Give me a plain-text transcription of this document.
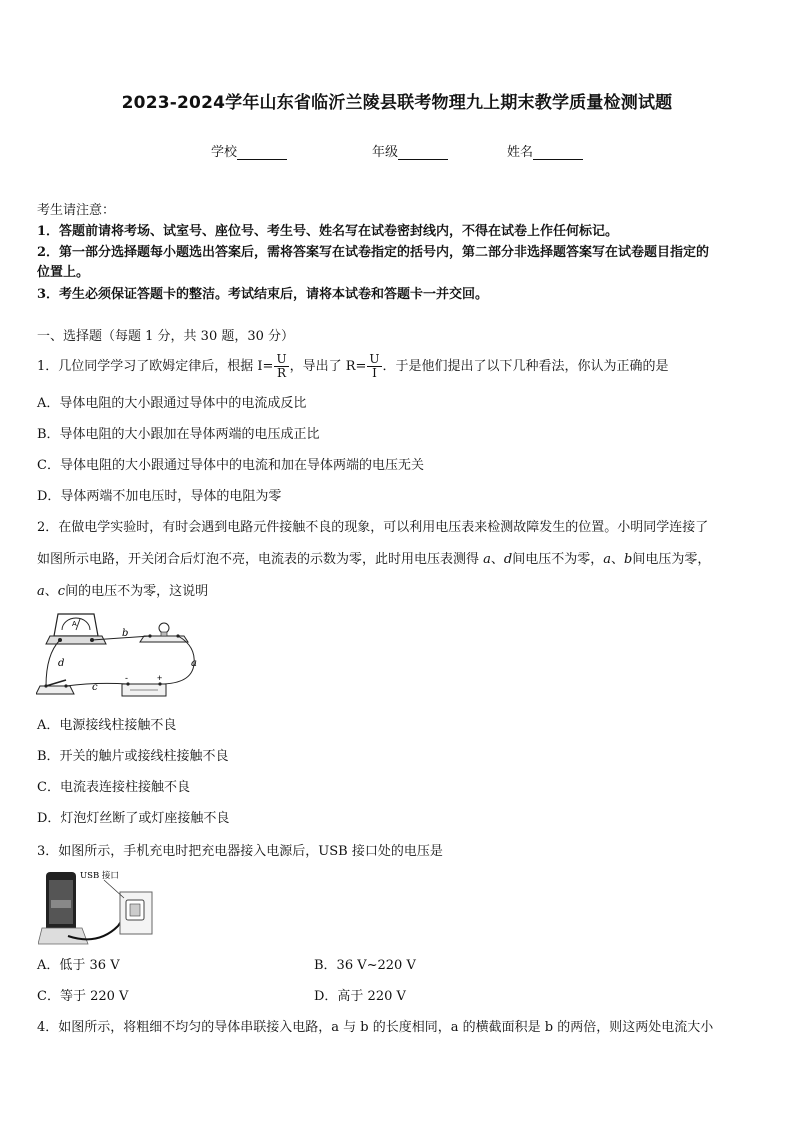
2023-2024学年山东省临沂兰陵县联考物理九上期末教学质量检测试题
学校	年级	姓名
考生请注意：
1．答题前请将考场、试室号、座位号、考生号、姓名写在试卷密封线内，不得在试卷上作任何标记。
2．第一部分选择题每小题选出答案后，需将答案写在试卷指定的括号内，第二部分非选择题答案写在试卷题目指定的
位置上。
3．考生必须保证答题卡的整洁。考试结束后，请将本试卷和答题卡一并交回。
一、选择题（每题 1 分，共 30 题，30 分）
1．几位同学学习了欧姆定律后，根据 $I= \frac{U}{R}$ ，导出了 $R= \frac{U}{I}$ ．于是他们提出了以下几种看法，你认为正确的是
A．导体电阻的大小跟通过导体中的电流成反比
B．导体电阻的大小跟加在导体两端的电压成正比
C．导体电阻的大小跟通过导体中的电流和加在导体两端的电压无关
D．导体两端不加电压时，导体的电阻为零
2．在做电学实验时，有时会遇到电路元件接触不良的现象，可以利用电压表来检测故障发生的位置。小明同学连接了
如图所示电路，开关闭合后灯泡不亮，电流表的示数为零，此时用电压表测得 a、d间电压不为零，a、b间电压为零，
a、c间的电压不为零，这说明
A
-	+
b
a
c
d
A．电源接线柱接触不良
B．开关的触片或接线柱接触不良
C．电流表连接柱接触不良
D．灯泡灯丝断了或灯座接触不良
3．如图所示，手机充电时把充电器接入电源后，USB 接口处的电压是
USB 接口
A．低于 36 V	B．36 V~220 V
C．等于 220 V	D．高于 220 V
4．如图所示，将粗细不均匀的导体串联接入电路，a 与 b 的长度相同，a 的横截面积是 b 的两倍，则这两处电流大小
